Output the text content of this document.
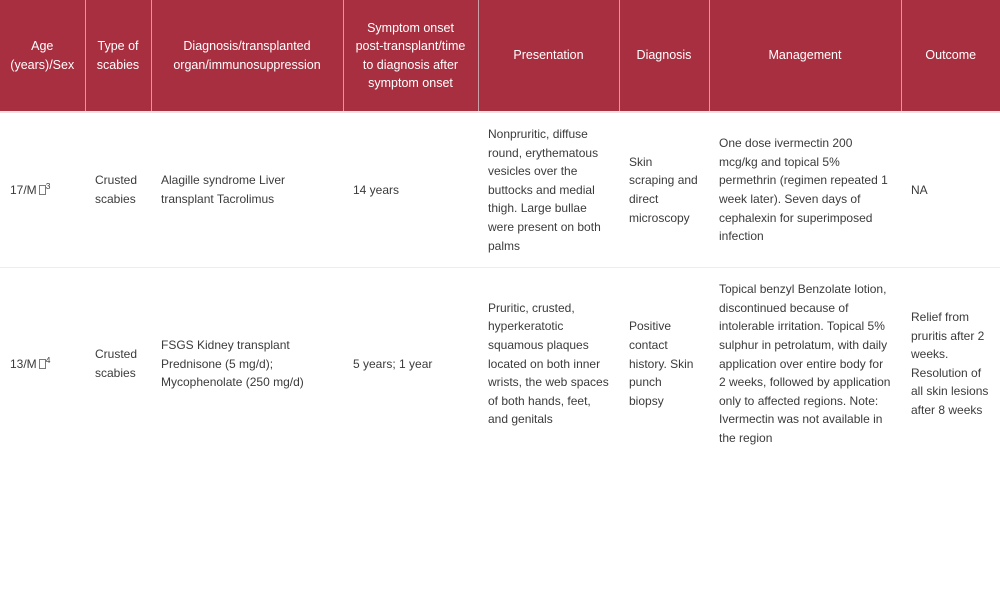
Age (years)/Sex	Type of scabies	Diagnosis/transplanted organ/immunosuppression	Symptom onset post-transplant/time to diagnosis after symptom onset	Presentation	Diagnosis	Management	Outcome
17/M $^3$	Crusted scabies	Alagille syndrome Liver transplant Tacrolimus	14 years	Nonpruritic, diffuse round, erythematous vesicles over the buttocks and medial thigh. Large bullae were present on both palms	Skin scraping and direct microscopy	One dose ivermectin 200 mcg/kg and topical 5% permethrin (regimen repeated 1 week later). Seven days of cephalexin for superimposed infection	NA
13/M $^4$	Crusted scabies	FSGS Kidney transplant Prednisone (5 mg/d); Mycophenolate (250 mg/d)	5 years; 1 year	Pruritic, crusted, hyperkeratotic squamous plaques located on both inner wrists, the web spaces of both hands, feet, and genitals	Positive contact history. Skin punch biopsy	Topical benzyl Benzolate lotion, discontinued because of intolerable irritation. Topical 5% sulphur in petrolatum, with daily application over entire body for 2 weeks, followed by application only to affected regions. Note: Ivermectin was not available in the region	Relief from pruritis after 2 weeks. Resolution of all skin lesions after 8 weeks
